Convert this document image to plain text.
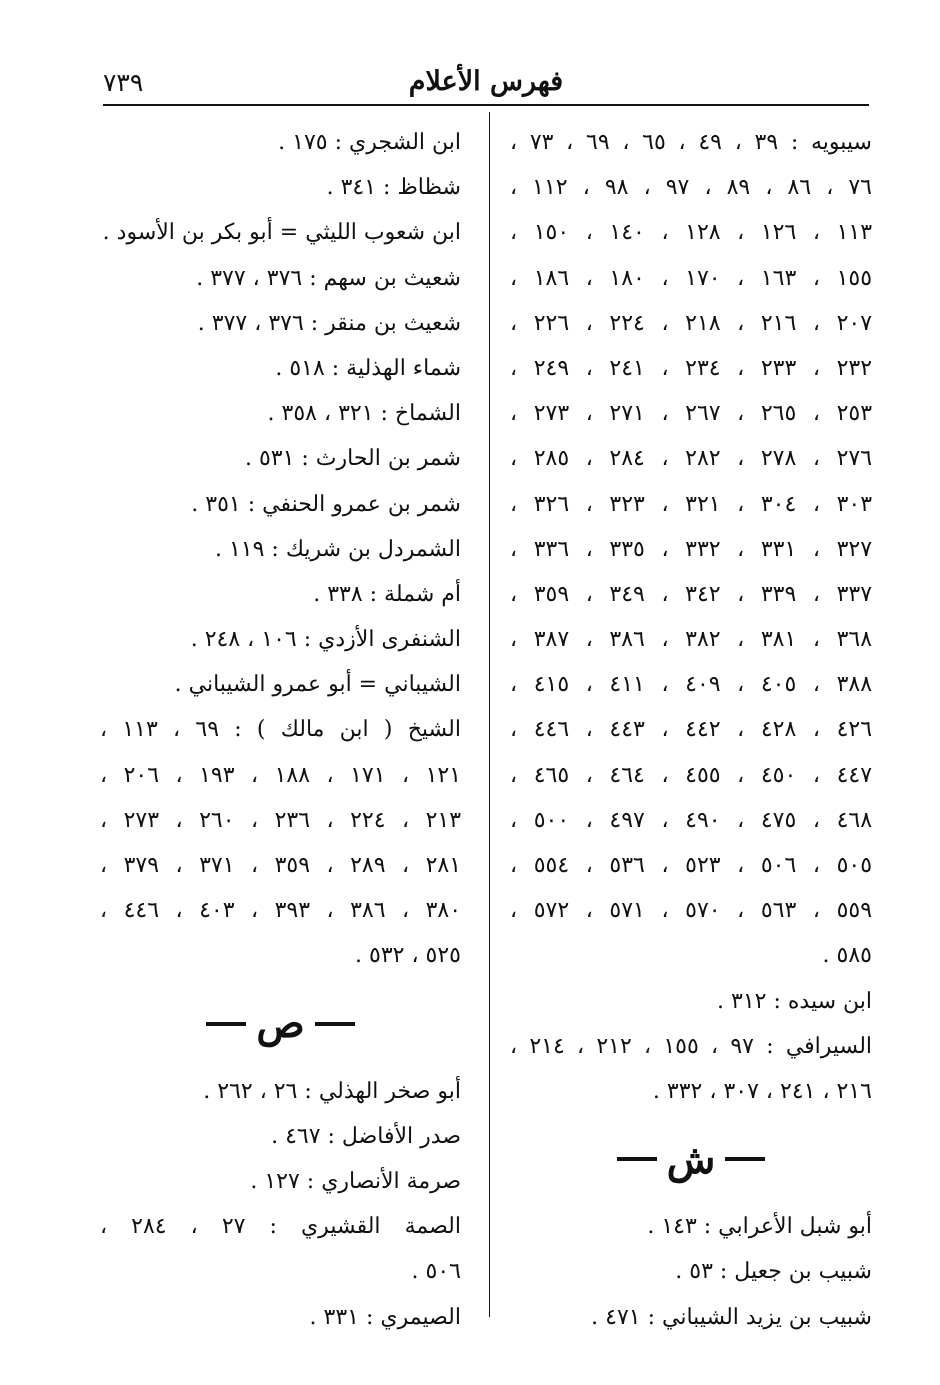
٧٣٩	فهرس الأعلام
سيبويه : ٣٩ ، ٤٩ ، ٦٥ ، ٦٩ ، ٧٣ ،
٧٦ ، ٨٦ ، ٨٩ ، ٩٧ ، ٩٨ ، ١١٢ ،
١١٣ ، ١٢٦ ، ١٢٨ ، ١٤٠ ، ١٥٠ ،
١٥٥ ، ١٦٣ ، ١٧٠ ، ١٨٠ ، ١٨٦ ،
٢٠٧ ، ٢١٦ ، ٢١٨ ، ٢٢٤ ، ٢٢٦ ،
٢٣٢ ، ٢٣٣ ، ٢٣٤ ، ٢٤١ ، ٢٤٩ ،
٢٥٣ ، ٢٦٥ ، ٢٦٧ ، ٢٧١ ، ٢٧٣ ،
٢٧٦ ، ٢٧٨ ، ٢٨٢ ، ٢٨٤ ، ٢٨٥ ،
٣٠٣ ، ٣٠٤ ، ٣٢١ ، ٣٢٣ ، ٣٢٦ ،
٣٢٧ ، ٣٣١ ، ٣٣٢ ، ٣٣٥ ، ٣٣٦ ،
٣٣٧ ، ٣٣٩ ، ٣٤٢ ، ٣٤٩ ، ٣٥٩ ،
٣٦٨ ، ٣٨١ ، ٣٨٢ ، ٣٨٦ ، ٣٨٧ ،
٣٨٨ ، ٤٠٥ ، ٤٠٩ ، ٤١١ ، ٤١٥ ،
٤٢٦ ، ٤٢٨ ، ٤٤٢ ، ٤٤٣ ، ٤٤٦ ،
٤٤٧ ، ٤٥٠ ، ٤٥٥ ، ٤٦٤ ، ٤٦٥ ،
٤٦٨ ، ٤٧٥ ، ٤٩٠ ، ٤٩٧ ، ٥٠٠ ،
٥٠٥ ، ٥٠٦ ، ٥٢٣ ، ٥٣٦ ، ٥٥٤ ،
٥٥٩ ، ٥٦٣ ، ٥٧٠ ، ٥٧١ ، ٥٧٢ ،
٥٨٥ .
ابن سيده : ٣١٢ .
السيرافي : ٩٧ ، ١٥٥ ، ٢١٢ ، ٢١٤ ،
٢١٦ ، ٢٤١ ، ٣٠٧ ، ٣٣٢ .
ش
أبو شبل الأعرابي : ١٤٣ .
شبيب بن جعيل : ٥٣ .
شبيب بن يزيد الشيباني : ٤٧١ .
ابن الشجري : ١٧٥ .
شظاظ : ٣٤١ .
ابن شعوب الليثي = أبو بكر بن الأسود .
شعيث بن سهم : ٣٧٦ ، ٣٧٧ .
شعيث بن منقر : ٣٧٦ ، ٣٧٧ .
شماء الهذلية : ٥١٨ .
الشماخ : ٣٢١ ، ٣٥٨ .
شمر بن الحارث : ٥٣١ .
شمر بن عمرو الحنفي : ٣٥١ .
الشمردل بن شريك : ١١٩ .
أم شملة : ٣٣٨ .
الشنفرى الأزدي : ١٠٦ ، ٢٤٨ .
الشيباني = أبو عمرو الشيباني .
الشيخ ( ابن مالك ) : ٦٩ ، ١١٣ ،
١٢١ ، ١٧١ ، ١٨٨ ، ١٩٣ ، ٢٠٦ ،
٢١٣ ، ٢٢٤ ، ٢٣٦ ، ٢٦٠ ، ٢٧٣ ،
٢٨١ ، ٢٨٩ ، ٣٥٩ ، ٣٧١ ، ٣٧٩ ،
٣٨٠ ، ٣٨٦ ، ٣٩٣ ، ٤٠٣ ، ٤٤٦ ،
٥٢٥ ، ٥٣٢ .
ص
أبو صخر الهذلي : ٢٦ ، ٢٦٢ .
صدر الأفاضل : ٤٦٧ .
صرمة الأنصاري : ١٢٧ .
الصمة القشيري : ٢٧ ، ٢٨٤ ،
٥٠٦ .
الصيمري : ٣٣١ .
